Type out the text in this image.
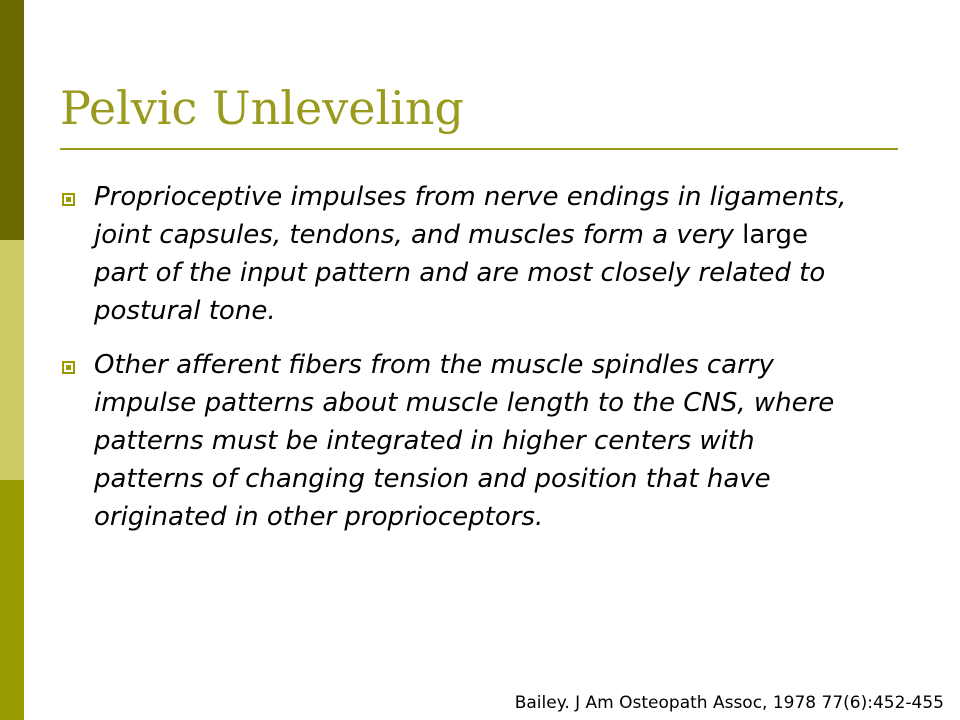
Pelvic Unleveling
Proprioceptive impulses from nerve endings in ligaments, joint capsules, tendons, and muscles form a very large part of the input pattern and are most closely related to postural tone.
Other afferent fibers from the muscle spindles carry impulse patterns about muscle length to the CNS, where patterns must be integrated in higher centers with patterns of changing tension and position that have originated in other proprioceptors.
Bailey. J Am Osteopath Assoc, 1978 77(6):452-455
